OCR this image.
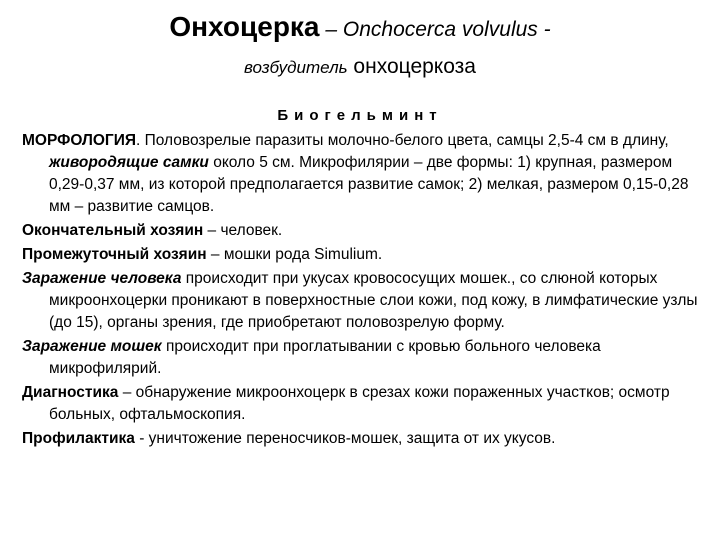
Онхоцерка – Onchocerca volvulus -
возбудитель онхоцеркоза
Биогельминт

МОРФОЛОГИЯ. Половозрелые паразиты молочно-белого цвета, самцы 2,5-4 см в длину, живородящие самки около 5 см. Микрофилярии – две формы: 1) крупная, размером 0,29-0,37 мм, из которой предполагается развитие самок; 2) мелкая, размером 0,15-0,28 мм – развитие самцов.

Окончательный хозяин – человек.

Промежуточный хозяин – мошки рода Simulium.

Заражение человека происходит при укусах кровососущих мошек., со слюной которых микроонхоцерки проникают в поверхностные слои кожи, под кожу, в лимфатические узлы (до 15), органы зрения, где приобретают половозрелую форму.

Заражение мошек происходит при проглатывании с кровью больного человека микрофилярий.

Диагностика – обнаружение микроонхоцерк в срезах кожи пораженных участков; осмотр больных, офтальмоскопия.

Профилактика - уничтожение переносчиков-мошек, защита от их укусов.
